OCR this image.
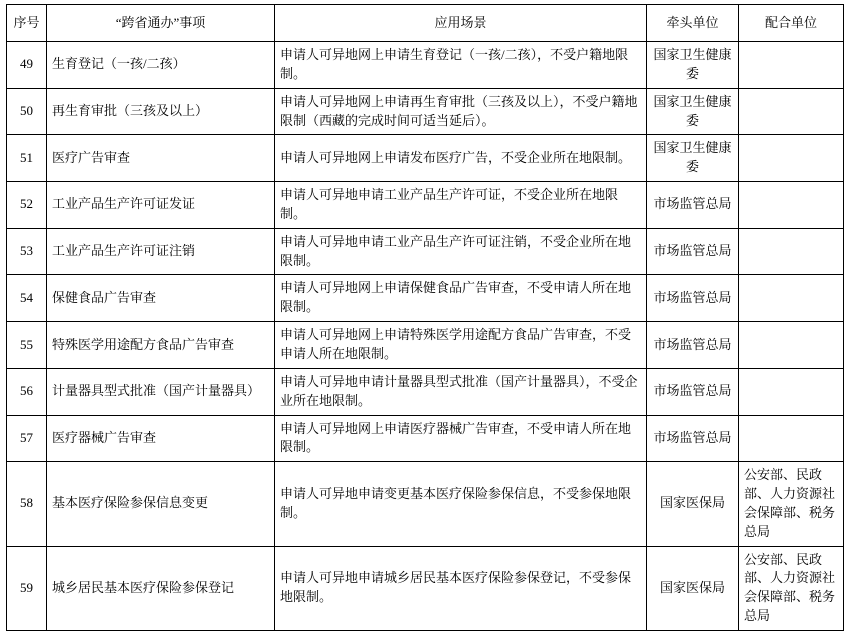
序号	“跨省通办”事项	应用场景	牵头单位	配合单位
49	生育登记（一孩/二孩）	申请人可异地网上申请生育登记（一孩/二孩），不受户籍地限制。	国家卫生健康委	
50	再生育审批（三孩及以上）	申请人可异地网上申请再生育审批（三孩及以上），不受户籍地限制（西藏的完成时间可适当延后）。	国家卫生健康委	
51	医疗广告审查	申请人可异地网上申请发布医疗广告，不受企业所在地限制。	国家卫生健康委	
52	工业产品生产许可证发证	申请人可异地申请工业产品生产许可证，不受企业所在地限制。	市场监管总局	
53	工业产品生产许可证注销	申请人可异地申请工业产品生产许可证注销，不受企业所在地限制。	市场监管总局	
54	保健食品广告审查	申请人可异地网上申请保健食品广告审查，不受申请人所在地限制。	市场监管总局	
55	特殊医学用途配方食品广告审查	申请人可异地网上申请特殊医学用途配方食品广告审查，不受申请人所在地限制。	市场监管总局	
56	计量器具型式批准（国产计量器具）	申请人可异地申请计量器具型式批准（国产计量器具），不受企业所在地限制。	市场监管总局	
57	医疗器械广告审查	申请人可异地网上申请医疗器械广告审查，不受申请人所在地限制。	市场监管总局	
58	基本医疗保险参保信息变更	申请人可异地申请变更基本医疗保险参保信息，不受参保地限制。	国家医保局	公安部、民政部、人力资源社会保障部、税务总局
59	城乡居民基本医疗保险参保登记	申请人可异地申请城乡居民基本医疗保险参保登记，不受参保地限制。	国家医保局	公安部、民政部、人力资源社会保障部、税务总局
